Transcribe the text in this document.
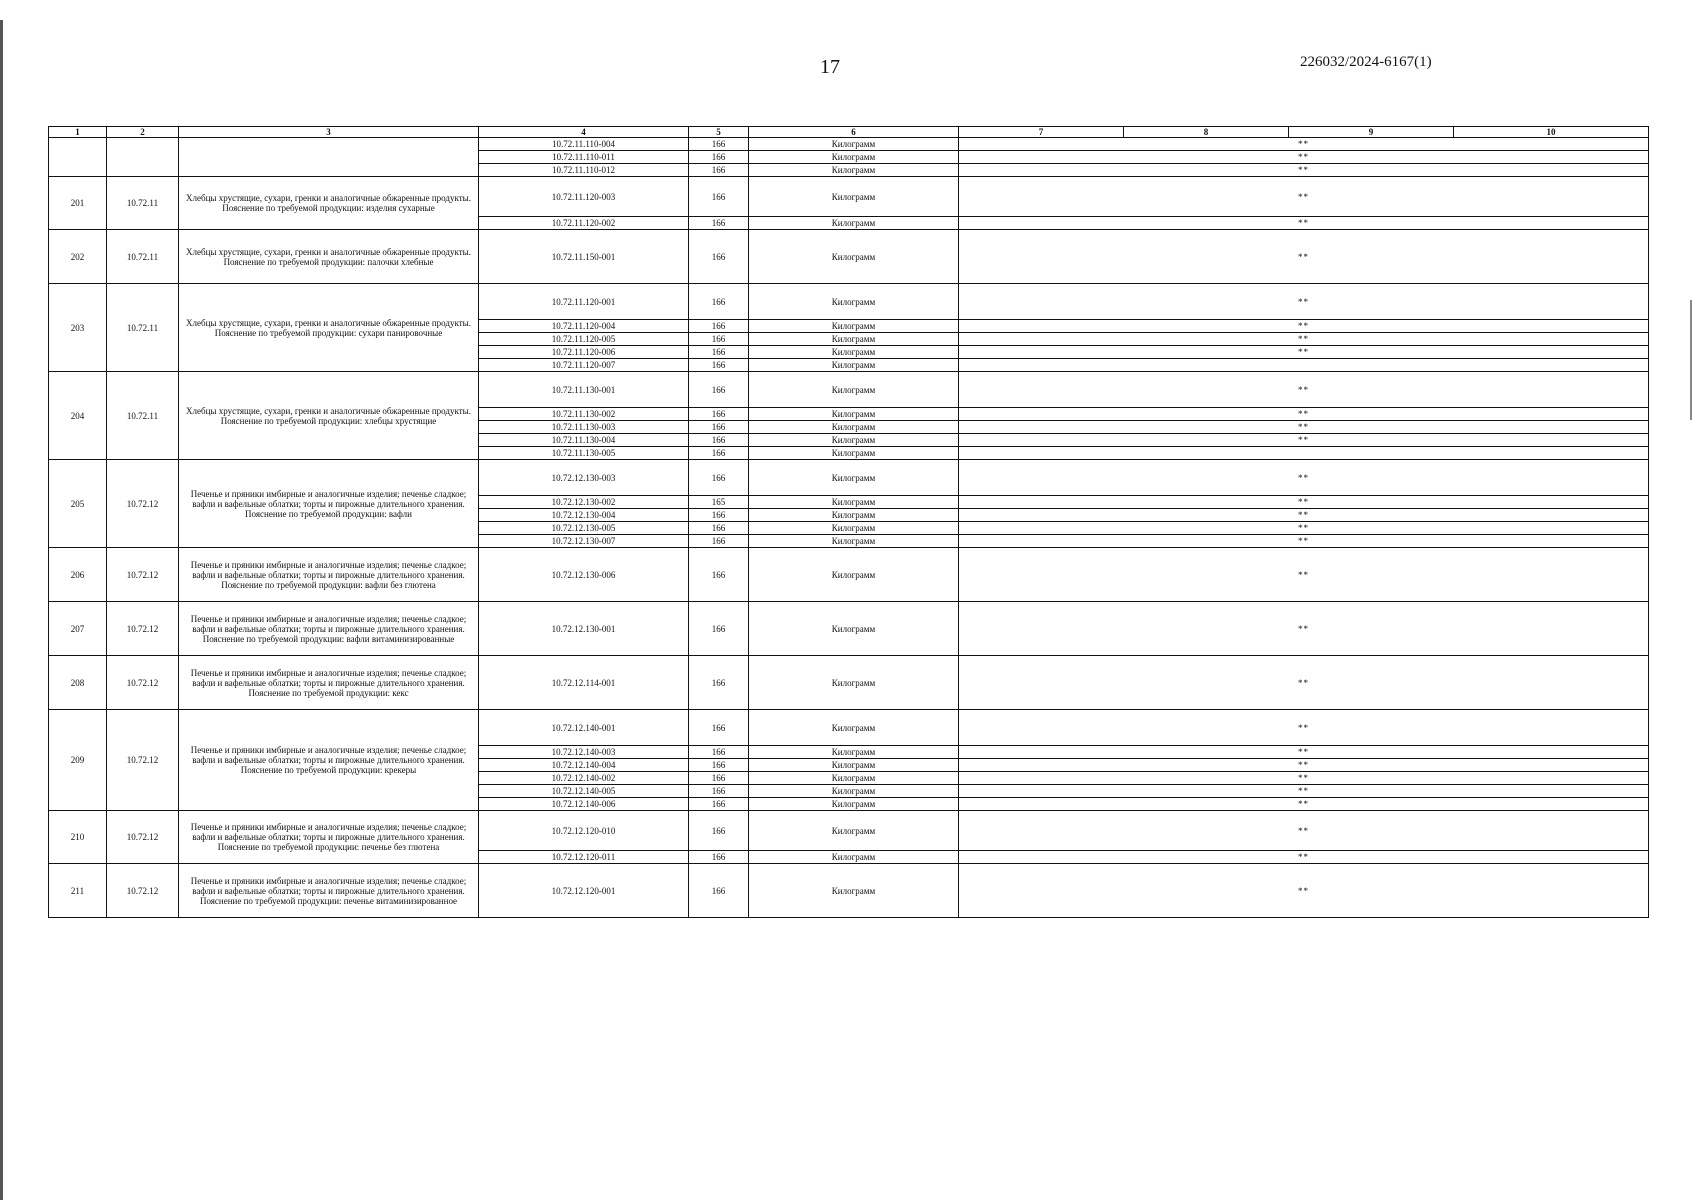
17	226032/2024-6167(1)
1	2	3	4	5	6	7	8	9	10
			10.72.11.110-004	166	Килограмм	**			
			10.72.11.110-011	166	Килограмм	**			
			10.72.11.110-012	166	Килограмм	**			
201	10.72.11	Хлебцы хрустящие, сухари, гренки и аналогичные обжаренные продукты. Пояснение по требуемой продукции: изделия сухарные	10.72.11.120-003	166	Килограмм	**			
			10.72.11.120-002	166	Килограмм	**			
202	10.72.11	Хлебцы хрустящие, сухари, гренки и аналогичные обжаренные продукты. Пояснение по требуемой продукции: палочки хлебные	10.72.11.150-001	166	Килограмм	**			
203	10.72.11	Хлебцы хрустящие, сухари, гренки и аналогичные обжаренные продукты. Пояснение по требуемой продукции: сухари панировочные	10.72.11.120-001	166	Килограмм	**			
			10.72.11.120-004	166	Килограмм	**			
			10.72.11.120-005	166	Килограмм	**			
			10.72.11.120-006	166	Килограмм	**			
			10.72.11.120-007	166	Килограмм				
204	10.72.11	Хлебцы хрустящие, сухари, гренки и аналогичные обжаренные продукты. Пояснение по требуемой продукции: хлебцы хрустящие	10.72.11.130-001	166	Килограмм	**			
			10.72.11.130-002	166	Килограмм	**			
			10.72.11.130-003	166	Килограмм	**			
			10.72.11.130-004	166	Килограмм	**			
			10.72.11.130-005	166	Килограмм				
205	10.72.12	Печенье и пряники имбирные и аналогичные изделия; печенье сладкое; вафли и вафельные облатки; торты и пирожные длительного хранения. Пояснение по требуемой продукции: вафли	10.72.12.130-003	166	Килограмм	**			
			10.72.12.130-002	165	Килограмм	**			
			10.72.12.130-004	166	Килограмм	**			
			10.72.12.130-005	166	Килограмм	**			
			10.72.12.130-007	166	Килограмм	**			
206	10.72.12	Печенье и пряники имбирные и аналогичные изделия; печенье сладкое; вафли и вафельные облатки; торты и пирожные длительного хранения. Пояснение по требуемой продукции: вафли без глютена	10.72.12.130-006	166	Килограмм	**			
207	10.72.12	Печенье и пряники имбирные и аналогичные изделия; печенье сладкое; вафли и вафельные облатки; торты и пирожные длительного хранения. Пояснение по требуемой продукции: вафли витаминизированные	10.72.12.130-001	166	Килограмм	**			
208	10.72.12	Печенье и пряники имбирные и аналогичные изделия; печенье сладкое; вафли и вафельные облатки; торты и пирожные длительного хранения. Пояснение по требуемой продукции: кекс	10.72.12.114-001	166	Килограмм	**			
209	10.72.12	Печенье и пряники имбирные и аналогичные изделия; печенье сладкое; вафли и вафельные облатки; торты и пирожные длительного хранения. Пояснение по требуемой продукции: крекеры	10.72.12.140-001	166	Килограмм	**			
			10.72.12.140-003	166	Килограмм	**			
			10.72.12.140-004	166	Килограмм	**			
			10.72.12.140-002	166	Килограмм	**			
			10.72.12.140-005	166	Килограмм	**			
			10.72.12.140-006	166	Килограмм	**			
210	10.72.12	Печенье и пряники имбирные и аналогичные изделия; печенье сладкое; вафли и вафельные облатки; торты и пирожные длительного хранения. Пояснение по требуемой продукции: печенье без глютена	10.72.12.120-010	166	Килограмм	**			
			10.72.12.120-011	166	Килограмм	**			
211	10.72.12	Печенье и пряники имбирные и аналогичные изделия; печенье сладкое; вафли и вафельные облатки; торты и пирожные длительного хранения. Пояснение по требуемой продукции: печенье витаминизированное	10.72.12.120-001	166	Килограмм	**			
